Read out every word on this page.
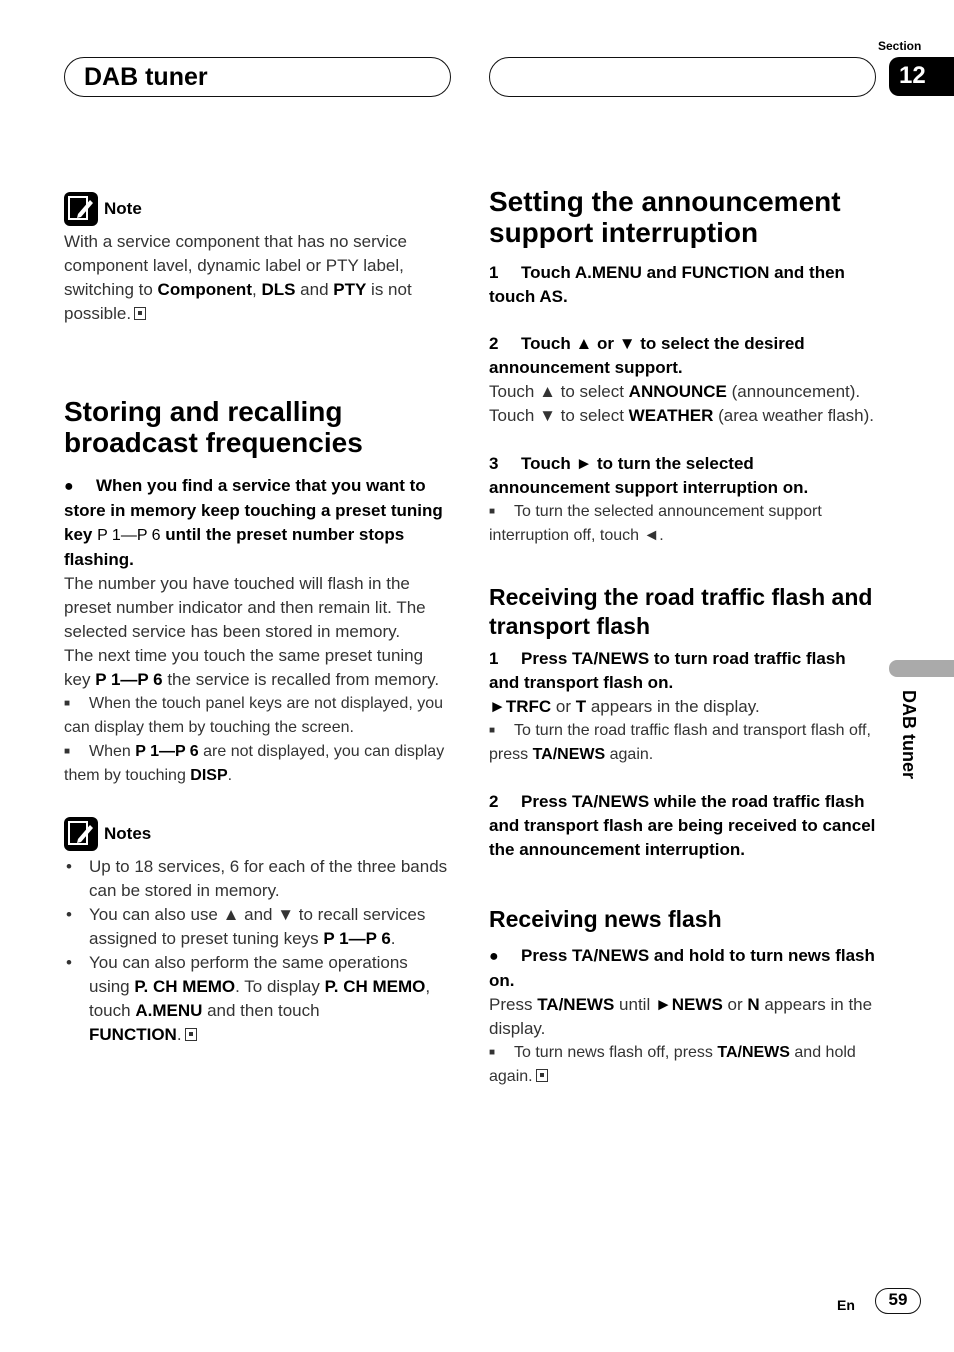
DAB tuner
Section
12
Note

With a service component that has no service component lavel, dynamic label or PTY label, switching to Component, DLS and PTY is not possible.

Storing and recalling broadcast frequencies

● When you find a service that you want to store in memory keep touching a preset tuning key P 1—P 6 until the preset number stops flashing.

The number you have touched will flash in the preset number indicator and then remain lit. The selected service has been stored in memory.

The next time you touch the same preset tuning key P 1—P 6 the service is recalled from memory.

■ When the touch panel keys are not displayed, you can display them by touching the screen.

■ When P 1—P 6 are not displayed, you can display them by touching DISP.

Notes
• Up to 18 services, 6 for each of the three bands can be stored in memory.
• You can also use ▲ and ▼ to recall services assigned to preset tuning keys P 1—P 6.
• You can also perform the same operations using P. CH MEMO. To display P. CH MEMO, touch A.MENU and then touch
FUNCTION.
Setting the announcement support interruption

1 Touch A.MENU and FUNCTION and then touch AS.

2 Touch ▲ or ▼ to select the desired announcement support.

Touch ▲ to select ANNOUNCE (announcement). Touch ▼ to select WEATHER (area weather flash).

3 Touch ► to turn the selected announcement support interruption on.

■ To turn the selected announcement support interruption off, touch ◄.

Receiving the road traffic flash and transport flash

1 Press TA/NEWS to turn road traffic flash and transport flash on.

►TRFC or T appears in the display.

■ To turn the road traffic flash and transport flash off, press TA/NEWS again.

2 Press TA/NEWS while the road traffic flash and transport flash are being received to cancel the announcement interruption.

Receiving news flash

● Press TA/NEWS and hold to turn news flash on.

Press TA/NEWS until ►NEWS or N appears in the display.

■ To turn news flash off, press TA/NEWS and hold again.

DAB tuner
En	59
